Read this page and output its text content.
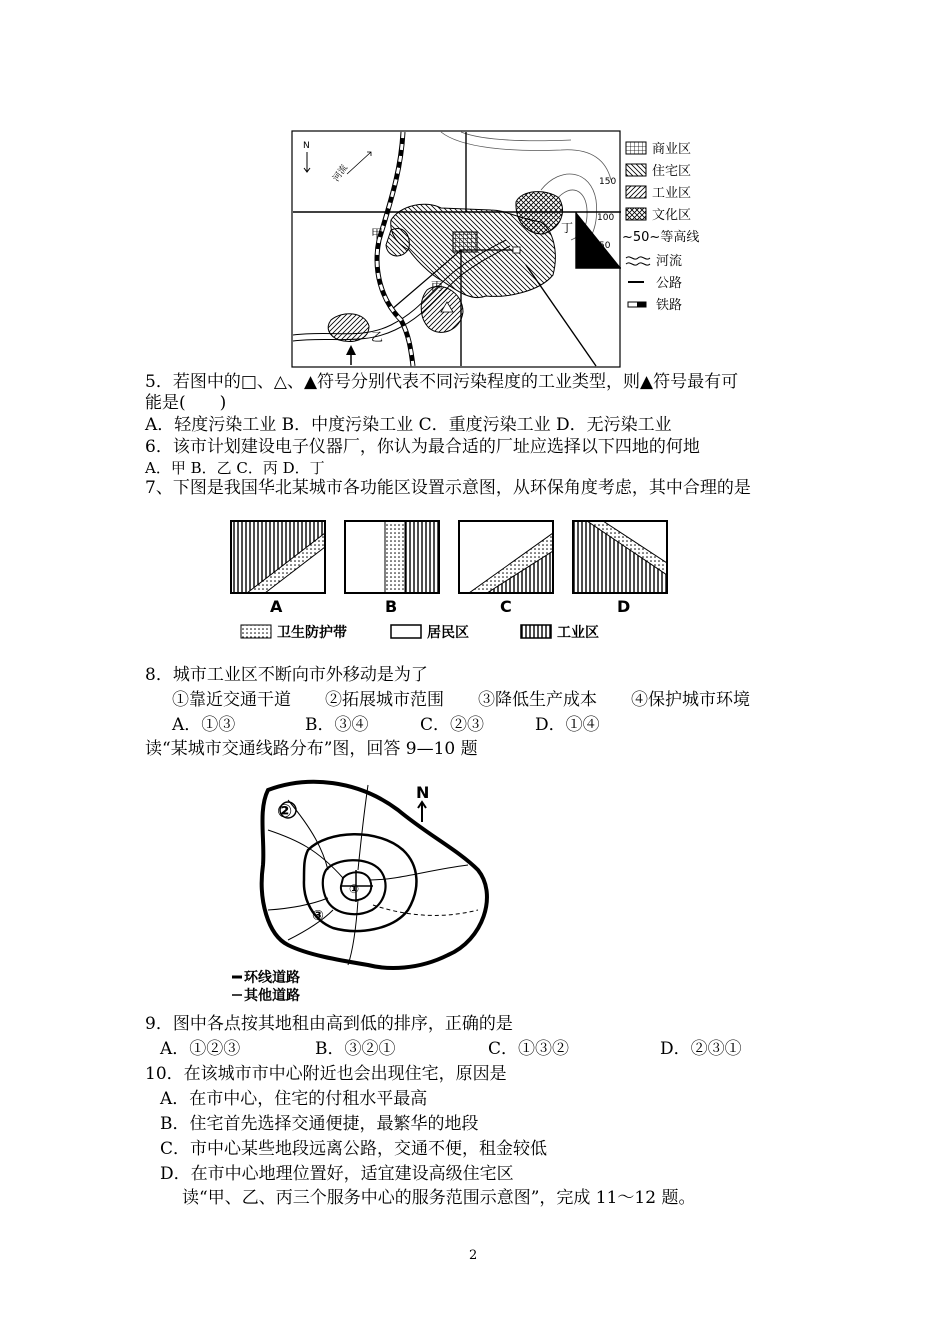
N
河流
甲
丙
乙
丁
150
100
50
商业区
住宅区
工业区
文化区
~50~等高线
河流
公路
铁路
5．若图中的□、△、▲符号分别代表不同污染程度的工业类型，则▲符号最有可
能是(　　)
A．轻度污染工业 B．中度污染工业 C．重度污染工业 D．无污染工业
6．该市计划建设电子仪器厂，你认为最合适的厂址应选择以下四地的何地
A．甲 B．乙 C．丙 D．丁
7、下图是我国华北某城市各功能区设置示意图，从环保角度考虑，其中合理的是
A	B	C	D
卫生防护带	居民区	工业区
8．城市工业区不断向市外移动是为了
①靠近交通干道　　②拓展城市范围　　③降低生产成本　　④保护城市环境
A．①③	B．③④	C．②③	D．①④
读“某城市交通线路分布”图，回答 9—10 题
②
①
③
N
环线道路
其他道路
9．图中各点按其地租由高到低的排序，正确的是
A．①②③	B．③②①	C．①③②	D．②③①
10．在该城市市中心附近也会出现住宅，原因是
A．在市中心，住宅的付租水平最高
B．住宅首先选择交通便捷，最繁华的地段
C．市中心某些地段远离公路，交通不便，租金较低
D．在市中心地理位置好，适宜建设高级住宅区
读“甲、乙、丙三个服务中心的服务范围示意图”，完成 11～12 题。
2
